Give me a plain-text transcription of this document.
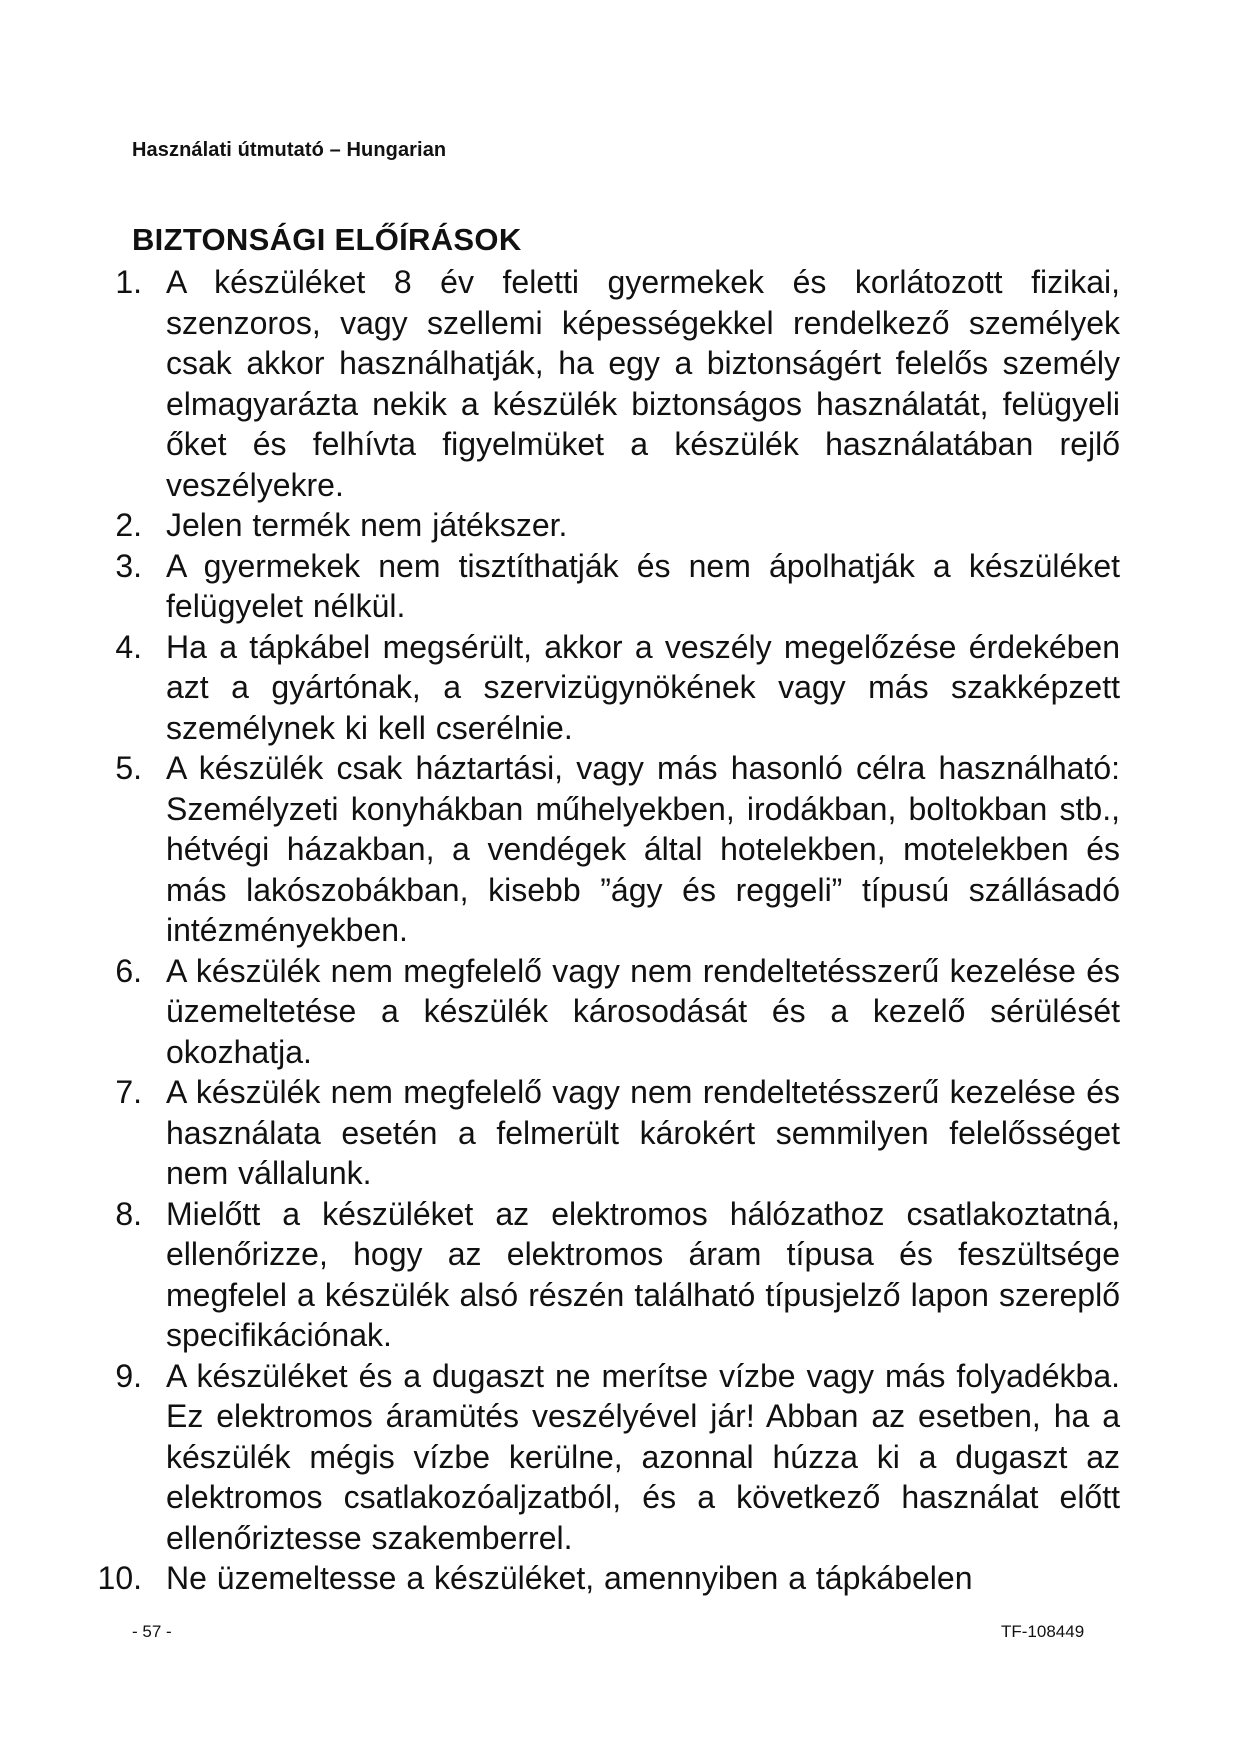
Használati útmutató – Hungarian
BIZTONSÁGI ELŐÍRÁSOK
1. A készüléket 8 év feletti gyermekek és korlátozott fizikai, szenzoros, vagy szellemi képességekkel rendelkező személyek csak akkor használhatják, ha egy a biztonságért felelős személy elmagyarázta nekik a készülék biztonságos használatát, felügyeli őket és felhívta figyelmüket a készülék használatában rejlő veszélyekre.
2. Jelen termék nem játékszer.
3. A gyermekek nem tisztíthatják és nem ápolhatják a készüléket felügyelet nélkül.
4. Ha a tápkábel megsérült, akkor a veszély megelőzése érdekében azt a gyártónak, a szervizügynökének vagy más szakképzett személynek ki kell cserélnie.
5. A készülék csak háztartási, vagy más hasonló célra használható: Személyzeti konyhákban műhelyekben, irodákban, boltokban stb., hétvégi házakban, a vendégek által hotelekben, motelekben és más lakószobákban, kisebb ”ágy és reggeli” típusú szállásadó intézményekben.
6. A készülék nem megfelelő vagy nem rendeltetésszerű kezelése és üzemeltetése a készülék károsodását és a kezelő sérülését okozhatja.
7. A készülék nem megfelelő vagy nem rendeltetésszerű kezelése és használata esetén a felmerült károkért semmilyen felelősséget nem vállalunk.
8. Mielőtt a készüléket az elektromos hálózathoz csatlakoztatná, ellenőrizze, hogy az elektromos áram típusa és feszültsége megfelel a készülék alsó részén található típusjelző lapon szereplő specifikációnak.
9. A készüléket és a dugaszt ne merítse vízbe vagy más folyadékba. Ez elektromos áramütés veszélyével jár! Abban az esetben, ha a készülék mégis vízbe kerülne, azonnal húzza ki a dugaszt az elektromos csatlakozóaljzatból, és a következő használat előtt ellenőriztesse szakemberrel.
10. Ne üzemeltesse a készüléket, amennyiben a tápkábelen
- 57 -	TF-108449
